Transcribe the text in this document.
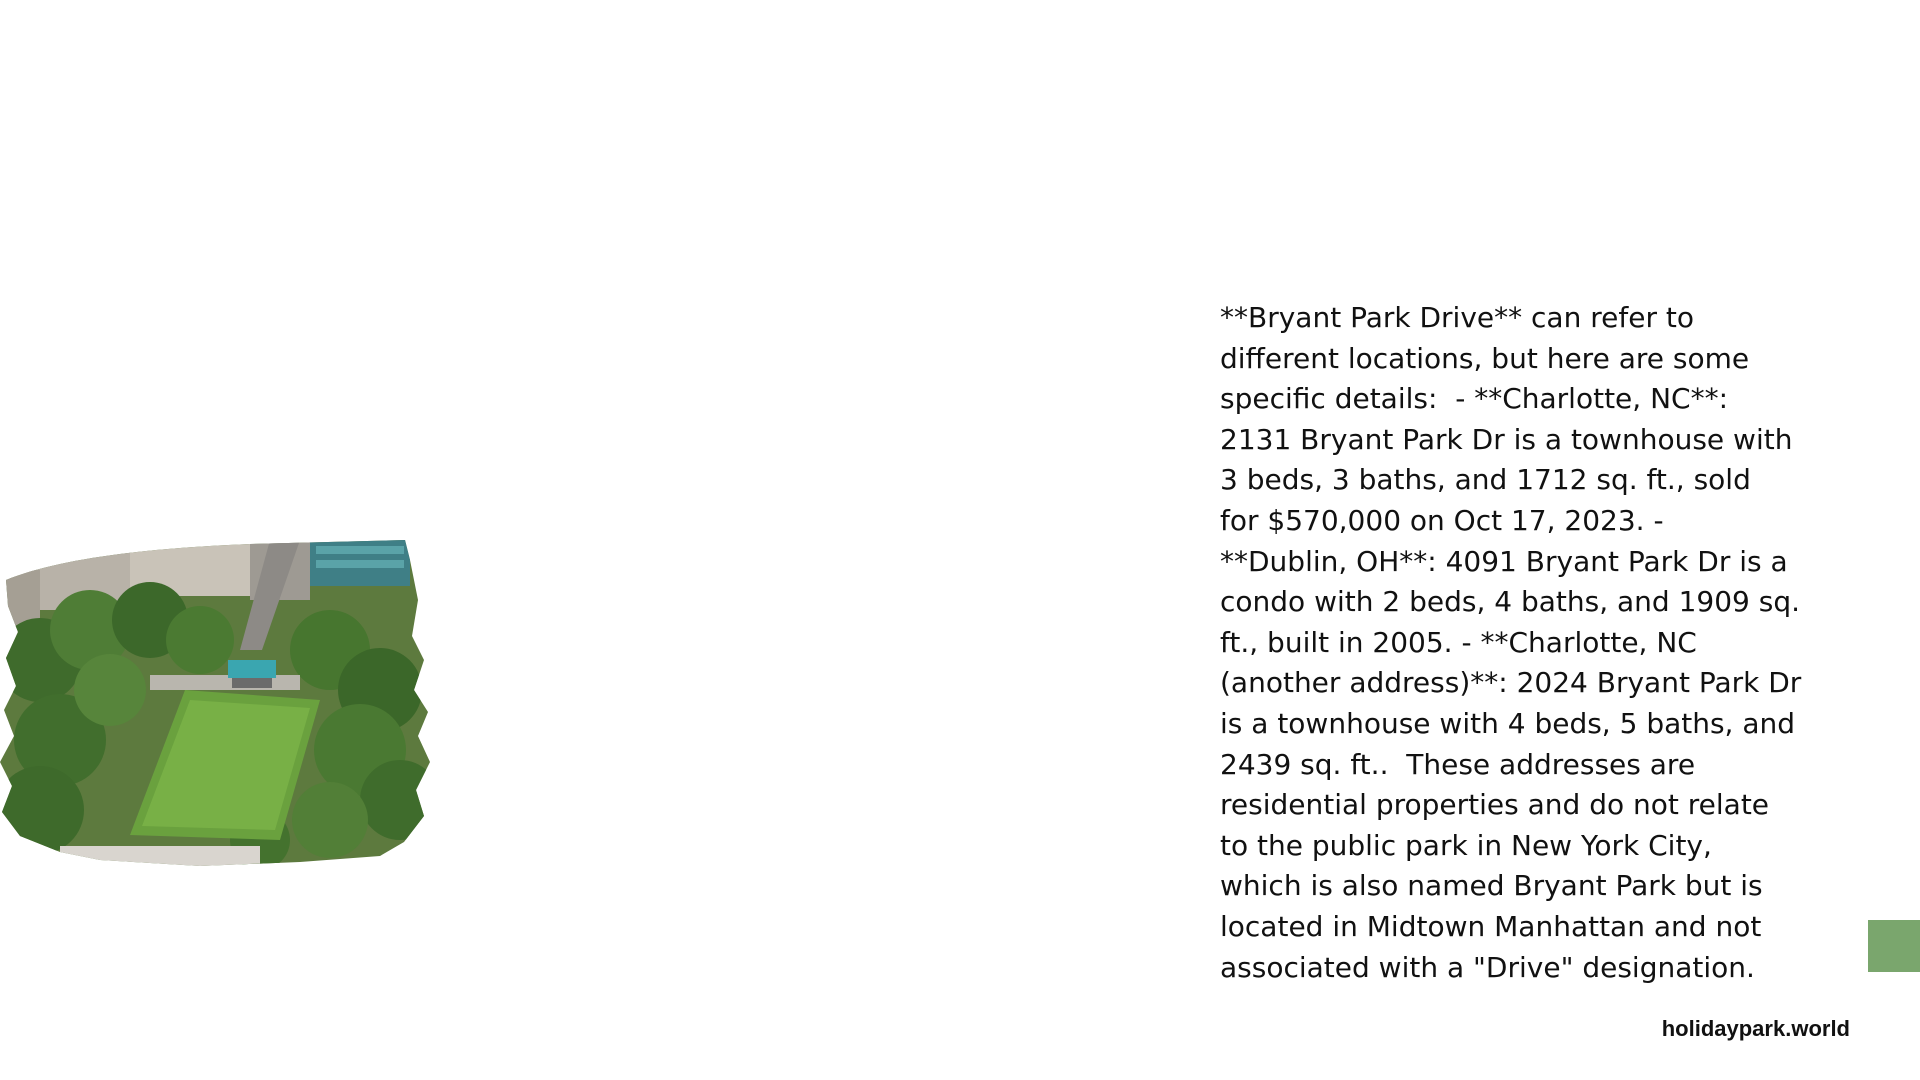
**Bryant Park Drive** can refer to
different locations, but here are some
specific details:  - **Charlotte, NC**:
2131 Bryant Park Dr is a townhouse with
3 beds, 3 baths, and 1712 sq. ft., sold
for $570,000 on Oct 17, 2023. -
**Dublin, OH**: 4091 Bryant Park Dr is a
condo with 2 beds, 4 baths, and 1909 sq.
ft., built in 2005. - **Charlotte, NC
(another address)**: 2024 Bryant Park Dr
is a townhouse with 4 beds, 5 baths, and
2439 sq. ft..  These addresses are
residential properties and do not relate
to the public park in New York City,
which is also named Bryant Park but is
located in Midtown Manhattan and not
associated with a "Drive" designation.
holidaypark.world
